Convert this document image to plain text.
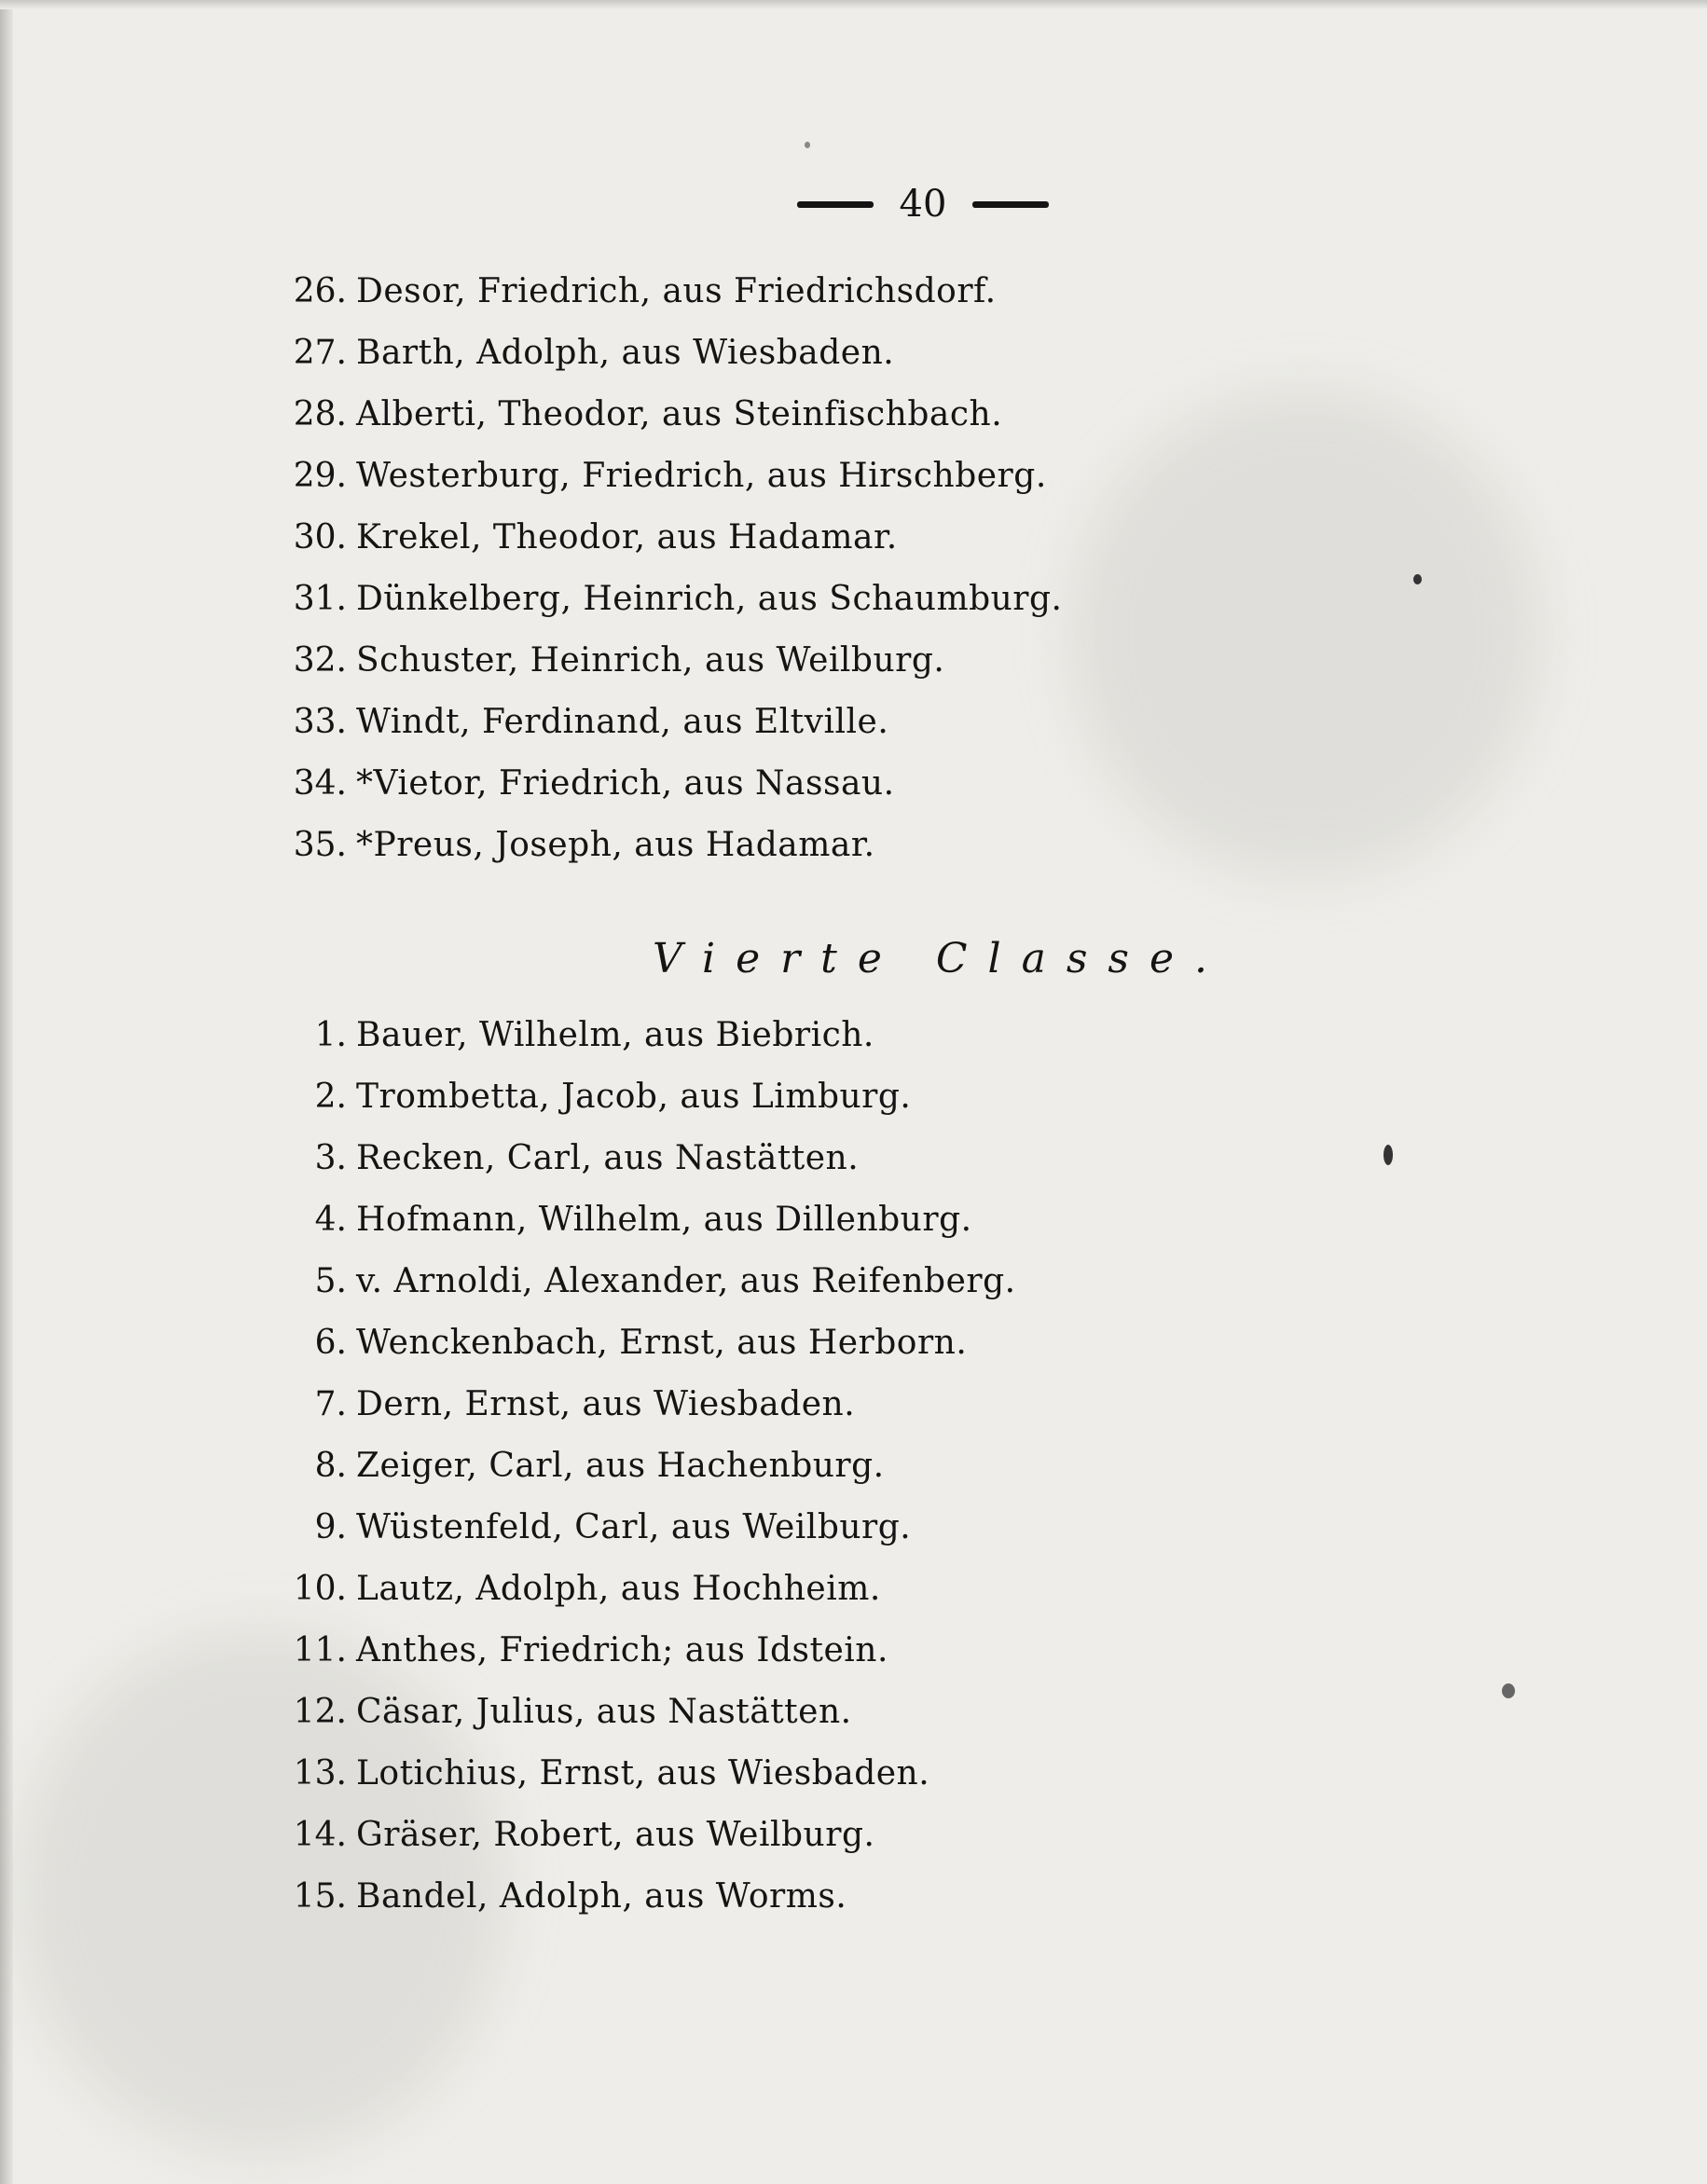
40
26. Desor, Friedrich, aus Friedrichsdorf.
27. Barth, Adolph, aus Wiesbaden.
28. Alberti, Theodor, aus Steinfischbach.
29. Westerburg, Friedrich, aus Hirschberg.
30. Krekel, Theodor, aus Hadamar.
31. Dünkelberg, Heinrich, aus Schaumburg.
32. Schuster, Heinrich, aus Weilburg.
33. Windt, Ferdinand, aus Eltville.
34. *Vietor, Friedrich, aus Nassau.
35. *Preus, Joseph, aus Hadamar.
Vierte Classe.
1. Bauer, Wilhelm, aus Biebrich.
2. Trombetta, Jacob, aus Limburg.
3. Recken, Carl, aus Nastätten.
4. Hofmann, Wilhelm, aus Dillenburg.
5. v. Arnoldi, Alexander, aus Reifenberg.
6. Wenckenbach, Ernst, aus Herborn.
7. Dern, Ernst, aus Wiesbaden.
8. Zeiger, Carl, aus Hachenburg.
9. Wüstenfeld, Carl, aus Weilburg.
10. Lautz, Adolph, aus Hochheim.
11. Anthes, Friedrich; aus Idstein.
12. Cäsar, Julius, aus Nastätten.
13. Lotichius, Ernst, aus Wiesbaden.
14. Gräser, Robert, aus Weilburg.
15. Bandel, Adolph, aus Worms.
